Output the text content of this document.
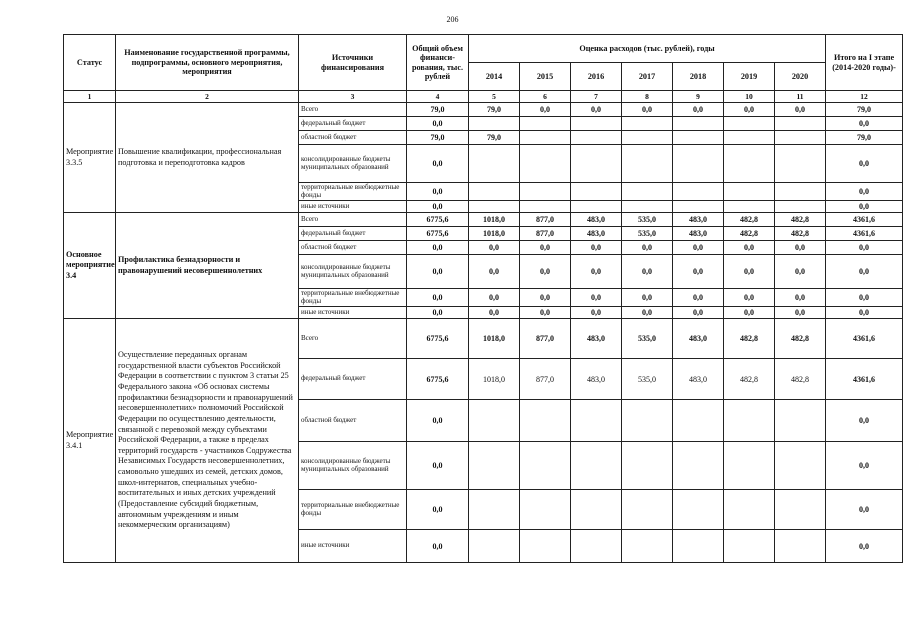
206
Статус	Наименование государственной программы, подпрограммы, основного мероприятия, мероприятия	Источники финансирования	Общий объем финанси-рования, тыс. рублей	Оценка расходов (тыс. рублей), годы							Итого на I этапе (2014-2020 годы)-
				2014	2015	2016	2017	2018	2019	2020	
1	2	3	4	5	6	7	8	9	10	11	12
Мероприятие 3.3.5	Повышение квалификации, профессиональная подготовка и переподготовка кадров	Всего	79,0	79,0	0,0	0,0	0,0	0,0	0,0	0,0	79,0
		федеральный бюджет	0,0								0,0
		областной бюджет	79,0	79,0							79,0
		консолидированные бюджеты муниципальных образований	0,0								0,0
		территориальные внебюджетные фонды	0,0								0,0
		иные источники	0,0								0,0
Основное мероприятие 3.4	Профилактика безнадзорности и правонарушений несовершеннолетних	Всего	6775,6	1018,0	877,0	483,0	535,0	483,0	482,8	482,8	4361,6
		федеральный бюджет	6775,6	1018,0	877,0	483,0	535,0	483,0	482,8	482,8	4361,6
		областной бюджет	0,0	0,0	0,0	0,0	0,0	0,0	0,0	0,0	0,0
		консолидированные бюджеты муниципальных образований	0,0	0,0	0,0	0,0	0,0	0,0	0,0	0,0	0,0
		территориальные внебюджетные фонды	0,0	0,0	0,0	0,0	0,0	0,0	0,0	0,0	0,0
		иные источники	0,0	0,0	0,0	0,0	0,0	0,0	0,0	0,0	0,0
Мероприятие 3.4.1	Осуществление переданных органам государственной власти субъектов Российской Федерации в соответствии с пунктом 3 статьи 25 Федерального закона «Об основах системы профилактики безнадзорности и правонарушений несовершеннолетних» полномочий Российской Федерации по осуществлению деятельности, связанной с перевозкой между субъектами Российской Федерации, а также в пределах территорий государств - участников Содружества Независимых Государств несовершеннолетних, самовольно ушедших из семей, детских домов, школ-интернатов, специальных учебно-воспитательных и иных детских учреждений (Предоставление субсидий бюджетным, автономным учреждениям и иным некоммерческим организациям)	Всего	6775,6	1018,0	877,0	483,0	535,0	483,0	482,8	482,8	4361,6
		федеральный бюджет	6775,6	1018,0	877,0	483,0	535,0	483,0	482,8	482,8	4361,6
		областной бюджет	0,0								0,0
		консолидированные бюджеты муниципальных образований	0,0								0,0
		территориальные внебюджетные фонды	0,0								0,0
		иные источники	0,0								0,0
